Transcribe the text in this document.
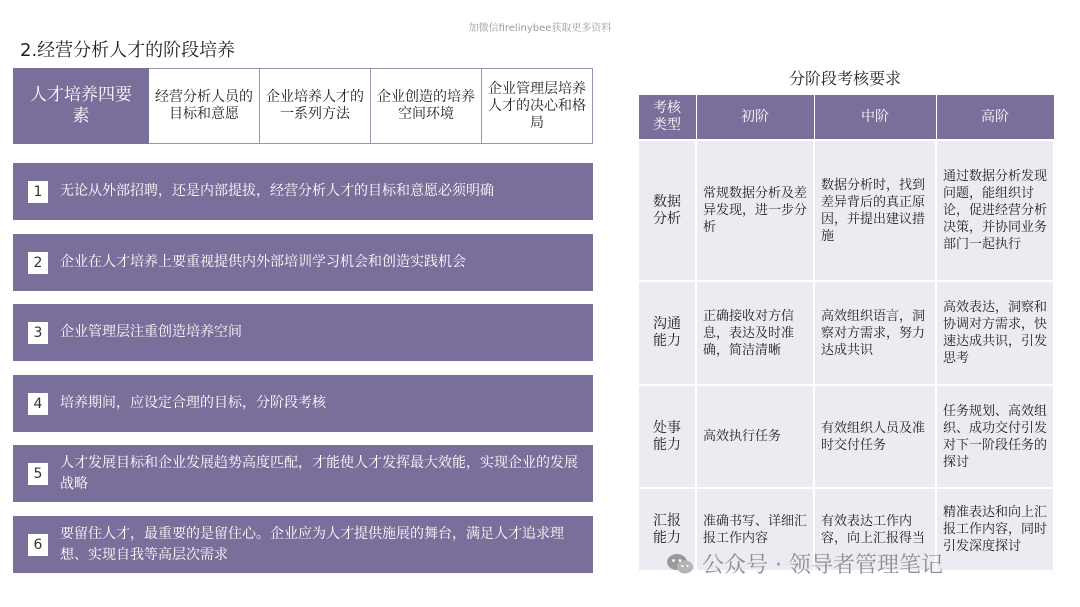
加微信firelinybee获取更多资料
2.经营分析人才的阶段培养
人才培养四要素
经营分析人员的目标和意愿
企业培养人才的一系列方法
企业创造的培养空间环境
企业管理层培养人才的决心和格局
1	无论从外部招聘，还是内部提拔，经营分析人才的目标和意愿必须明确
2	企业在人才培养上要重视提供内外部培训学习机会和创造实践机会
3	企业管理层注重创造培养空间
4	培养期间，应设定合理的目标，分阶段考核
5
人才发展目标和企业发展趋势高度匹配，才能使人才发挥最大效能，实现企业的发展战略
6
要留住人才，最重要的是留住心。企业应为人才提供施展的舞台，满足人才追求理想、实现自我等高层次需求
分阶段考核要求
考核类型	初阶	中阶	高阶
数据分析	常规数据分析及差异发现，进一步分析	数据分析时，找到差异背后的真正原因，并提出建议措施	通过数据分析发现问题，能组织讨论，促进经营分析决策，并协同业务部门一起执行
沟通能力	正确接收对方信息，表达及时准确，简洁清晰	高效组织语言，洞察对方需求，努力达成共识	高效表达，洞察和协调对方需求，快速达成共识，引发思考
处事能力	高效执行任务	有效组织人员及准时交付任务	任务规划、高效组织、成功交付引发对下一阶段任务的探讨
汇报能力	准确书写、详细汇报工作内容	有效表达工作内容，向上汇报得当	精准表达和向上汇报工作内容，同时引发深度探讨
公众号 · 领导者管理笔记
